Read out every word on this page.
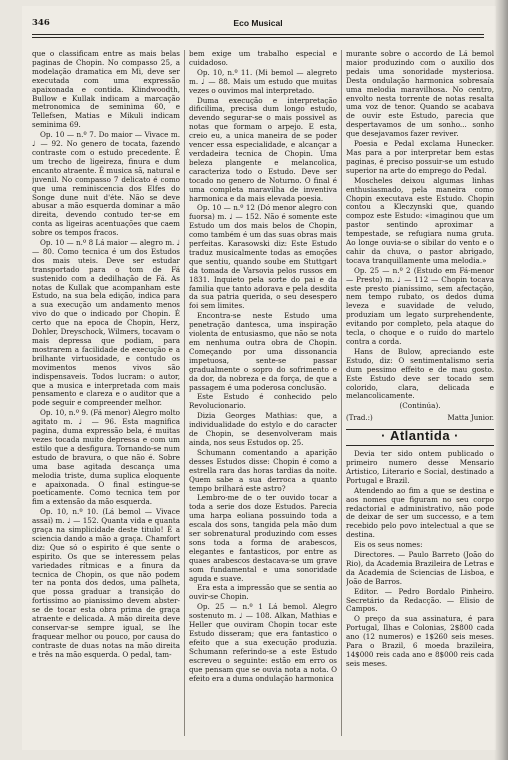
346	Eco Musical

que o classificam entre as mais belas paginas de Chopin. No compasso 25, a modelação dramatica em Mi, deve ser executada com uma expressão apaixonada e contida. Klindwoodth, Bullow e Kullak indicam a marcação metronomica de seminima 60, e Tellefsen, Matias e Mikuli indicam seminima 69.

Op. 10 — n.º 7. Do maior — Vivace m. ♩ — 92. No genero de tocata, fazendo contraste com o estudo precedente. É um trecho de ligeireza, finura e dum encanto atraente. É musica sã, natural e juvenil. No compasso 7 delicato é como que uma reminiscencia dos Elfes do Songe dune nuit d'éte. Não se deve abusar a mão esquerda dominar a mão direita, devendo contudo ter-se em conta as ligeiras acentuações que caem sobre os tempos fracos.

Op. 10 — n.º 8 Lá maior — alegro m. ♩ — 80. Como tecnica é um dos Estudos dos mais uteis. Deve ser estudar transportado para o tom de Fá sustenido com a dedilhação de Fá. As notas de Kullak que acompanham este Estudo, na sua bela edição, indica para a sua execução um andamento menos vivo do que o indicado por Chopin. É certo que na epoca de Chopin, Herz, Dohler, Dreyschock, Wilmers, tocavam o mais depressa que podiam, para mostrarem a facilidade de execução e a brilhante virtuosidade, e contudo os movimentos menos vivos são indispensaveis. Todos lucram: o autor, que a musica e interpretada com mais pensamento e clareza e o auditor que a pode seguir e compreender melhor.

Op. 10, n.º 9. (Fá menor) Alegro molto agitato m. ♩ — 96. Esta magnifica pagina, duma expressão bela, é muitas vezes tocada muito depressa e com um estilo que a desfigura. Tornando-se num estudo de bravura, o que não é. Sobre uma base agitada descança uma melodia triste, duma suplica eloquente e apaixonada. O final estingue-se poeticamente. Como tecnica tem por fim a extensão da mão esquerda.

Op. 10, n.º 10. (Lá bemol — Vivace assai) m. ♩ — 152. Quanta vida e quanta graça na simplicidade deste titulo! É a sciencia dando a mão a graça. Chamfort diz: Que só o espirito é que sente o espirito. Os que se interessem pelas variedades rítmicas e a finura da tecnica de Chopin, os que não podem ter na ponta dos dedos, uma palheta, que possa graduar a transição do fortissimo ao pianissimo devem abster-se de tocar esta obra prima de graça atraente e delicada. A mão direita deve conservar-se sempre igual, se lhe fraquear melhor ou pouco, por causa do contraste de duas notas na mão direita e três na mão esquerda. O pedal, tam-

bem exige um trabalho especial e cuidadoso.

Op. 10, n.º 11. (Mi bemol — alegreto m. ♩ — 88. Mais um estudo que muitas vezes o ouvimos mal interpretado.

Duma execução e interpretação dificilima, precisa dum longo estudo, devendo segurar-se o mais possivel as notas que formam o arpejo. E esta, creio eu, a unica maneira de se poder vencer essa especialidade, e alcançar a verdadeira tecnica de Chopin. Uma beleza plangente e melancolica, caracteriza todo o Estudo. Deve ser tocado no genero de Noturno. O final é uma completa maravilha de inventiva harmonica e da mais elevada poesia.

Op. 10 — n.º 12 (Dó menor alegro con fuorsa) m. ♩ — 152. Não é somente este Estudo um dos mais belos de Chopin, como também é um das suas obras mais perfeitas. Karasowski diz: Este Estudo traduz musicalmente todas as emoções que sentiu, quando soube em Stuttgart da tomada de Varsovia pelos russos em 1831. Inquieto pela sorte do pai e da familia que tanto adorava e pela desdita da sua patria querida, o seu desespero foi sem limites.

Encontra-se neste Estudo uma penetração dantesca, uma inspiração violenta de entusiasmo, que não se nota em nenhuma outra obra de Chopin. Começando por uma dissonancia impetuosa, sente-se passar gradualmente o sopro do sofrimento e da dor, da nobreza e da força, de que a passagem é uma poderosa conclusão.

Este Estudo é conhecido pelo Revolucionario.

Dizia Georges Mathias: que, a individualidade do estylo e do caracter de Chopin, se desenvolveram mais ainda, nos seus Estudos op. 25.

Schumann comentando a aparição desses Estudos disse: Chopin é como a estrella rara das horas tardias da noite. Quem sabe a sua derroca a quanto tempo brilhará este astro?

Lembro-me de o ter ouvido tocar a toda a serie dos doze Estudos. Parecia uma harpa eoliana possuindo toda a escala dos sons, tangida pela mão dum ser sobrenatural produzindo com esses sons toda a forma de arabescos, elegantes e fantasticos, por entre as quaes arabescos destacava-se um grave som fundamental e uma sonoridade aguda e suave.

Era esta a impressão que se sentia ao ouvir-se Chopin.

Op. 25 — n.º 1 Lá bemol. Alegro sostenuto m. ♩ — 108. Alkan, Mathias e Heller que ouviram Chopin tocar este Estudo disseram; que era fantastico o efeito que a sua execução produzia. Schumann referindo-se a este Estudo escreveu o seguinte: estão em erro os que pensam que se ouvia nota a nota. O efeito era a duma ondulação harmonica

murante sobre o accordo de Lá bemol maior produzindo com o auxilio dos pedais uma sonoridade mysteriosa. Desta ondulação harmonica sobresaía uma melodia maravilhosa. No centro, envolto nesta torrente de notas resalta uma voz de tenor. Quando se acabava de ouvir este Estudo, parecia que despertavamos de um sonho... sonho que desejavamos fazer reviver.

Poesia e Pedal exclama Hunecker. Mas para a por interpretar bem estas paginas, é preciso possuir-se um estudo superior na arte do emprego do Pedal.

Moscheles deixou algumas linhas enthusiasmado, pela maneira como Chopin executava este Estudo. Chopin contou a Kleczynski que, quando compoz este Estudo: «imaginou que um pastor sentindo aproximar a tempestade, se refugiara numa gruta. Ao longe ouvia-se o sibilar do vento e o cahir da chuva, o pastor abrigado, tocava tranquillamente uma melodia.»

Op. 25 — n.º 2 (Estudo em Fá-menor — Presto) m. ♩ — 112 — Chopin tocava este presto pianissimo, sem afectação, nem tempo rubato, os dedos duma leveza e suavidade de veludo, produziam um legato surprehendente, evitando por completo, pela ataque do tecla, o choque e o ruido do martelo contra a corda.

Hans de Bulow, apreciando este Estudo, diz: O sentimentalismo seria dum pessimo effeito e de mau gosto. Este Estudo deve ser tocado sem colorido, clara, delicada e melancolicamente.

(Continúa).

(Trad.:)	Matta Junior.
· Atlantida ·

Devia ter sido ontem publicado o primeiro numero desse Mensario Artistico, Literario e Social, destinado a Portugal e Brazil.

Atendendo ao fim a que se destina e aos nomes que figuram no seu corpo redactorial e administrativo, não pode de deixar de ser um successo, e a tem recebido pelo povo intelectual a que se destina.

Eis os seus nomes:

Directores. — Paulo Barreto (João do Rio), da Academia Brazileira de Letras e da Academia de Sciencias de Lisboa, e João de Barros.

Editor. — Pedro Bordalo Pinheiro. Secretário da Redacção. — Elisio de Campos.

O preço da sua assinatura, é para Portugal, Ilhas e Colonias, 2$800 cada ano (12 numeros) e 1$260 seis meses. Para o Brazil, 6 moeda brazileira, 14$000 reis cada ano e 8$000 reis cada seis meses.
